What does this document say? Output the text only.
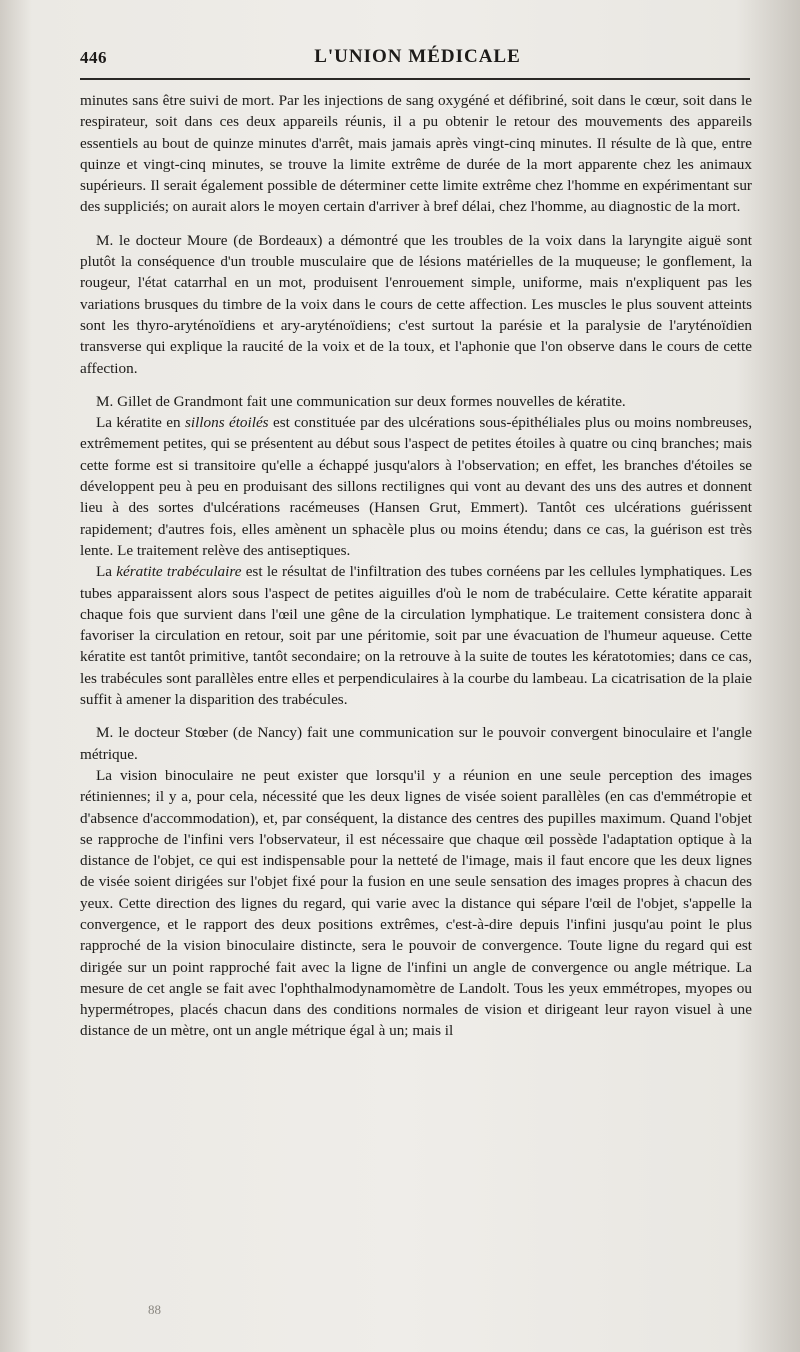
446	L'UNION MÉDICALE

minutes sans être suivi de mort. Par les injections de sang oxygéné et défibriné, soit dans le cœur, soit dans le respirateur, soit dans ces deux appareils réunis, il a pu obtenir le retour des mouvements des appareils essentiels au bout de quinze minutes d'arrêt, mais jamais après vingt-cinq minutes. Il résulte de là que, entre quinze et vingt-cinq minutes, se trouve la limite extrême de durée de la mort apparente chez les animaux supérieurs. Il serait également possible de déterminer cette limite extrême chez l'homme en expérimentant sur des suppliciés; on aurait alors le moyen certain d'arriver à bref délai, chez l'homme, au diagnostic de la mort.

M. le docteur Moure (de Bordeaux) a démontré que les troubles de la voix dans la laryngite aiguë sont plutôt la conséquence d'un trouble musculaire que de lésions matérielles de la muqueuse; le gonflement, la rougeur, l'état catarrhal en un mot, produisent l'enrouement simple, uniforme, mais n'expliquent pas les variations brusques du timbre de la voix dans le cours de cette affection. Les muscles le plus souvent atteints sont les thyro-aryténoïdiens et ary-aryténoïdiens; c'est surtout la parésie et la paralysie de l'aryténoïdien transverse qui explique la raucité de la voix et de la toux, et l'aphonie que l'on observe dans le cours de cette affection.

M. Gillet de Grandmont fait une communication sur deux formes nouvelles de kératite.

La kératite en sillons étoilés est constituée par des ulcérations sous-épithéliales plus ou moins nombreuses, extrêmement petites, qui se présentent au début sous l'aspect de petites étoiles à quatre ou cinq branches; mais cette forme est si transitoire qu'elle a échappé jusqu'alors à l'observation; en effet, les branches d'étoiles se développent peu à peu en produisant des sillons rectilignes qui vont au devant des uns des autres et donnent lieu à des sortes d'ulcérations racémeuses (Hansen Grut, Emmert). Tantôt ces ulcérations guérissent rapidement; d'autres fois, elles amènent un sphacèle plus ou moins étendu; dans ce cas, la guérison est très lente. Le traitement relève des antiseptiques.

La kératite trabéculaire est le résultat de l'infiltration des tubes cornéens par les cellules lymphatiques. Les tubes apparaissent alors sous l'aspect de petites aiguilles d'où le nom de trabéculaire. Cette kératite apparait chaque fois que survient dans l'œil une gêne de la circulation lymphatique. Le traitement consistera donc à favoriser la circulation en retour, soit par une péritomie, soit par une évacuation de l'humeur aqueuse. Cette kératite est tantôt primitive, tantôt secondaire; on la retrouve à la suite de toutes les kératotomies; dans ce cas, les trabécules sont parallèles entre elles et perpendiculaires à la courbe du lambeau. La cicatrisation de la plaie suffit à amener la disparition des trabécules.

M. le docteur Stœber (de Nancy) fait une communication sur le pouvoir convergent binoculaire et l'angle métrique.

La vision binoculaire ne peut exister que lorsqu'il y a réunion en une seule perception des images rétiniennes; il y a, pour cela, nécessité que les deux lignes de visée soient parallèles (en cas d'emmétropie et d'absence d'accommodation), et, par conséquent, la distance des centres des pupilles maximum. Quand l'objet se rapproche de l'infini vers l'observateur, il est nécessaire que chaque œil possède l'adaptation optique à la distance de l'objet, ce qui est indispensable pour la netteté de l'image, mais il faut encore que les deux lignes de visée soient dirigées sur l'objet fixé pour la fusion en une seule sensation des images propres à chacun des yeux. Cette direction des lignes du regard, qui varie avec la distance qui sépare l'œil de l'objet, s'appelle la convergence, et le rapport des deux positions extrêmes, c'est-à-dire depuis l'infini jusqu'au point le plus rapproché de la vision binoculaire distincte, sera le pouvoir de convergence. Toute ligne du regard qui est dirigée sur un point rapproché fait avec la ligne de l'infini un angle de convergence ou angle métrique. La mesure de cet angle se fait avec l'ophthalmodynamomètre de Landolt. Tous les yeux emmétropes, myopes ou hypermétropes, placés chacun dans des conditions normales de vision et dirigeant leur rayon visuel à une distance de un mètre, ont un angle métrique égal à un; mais il

88
